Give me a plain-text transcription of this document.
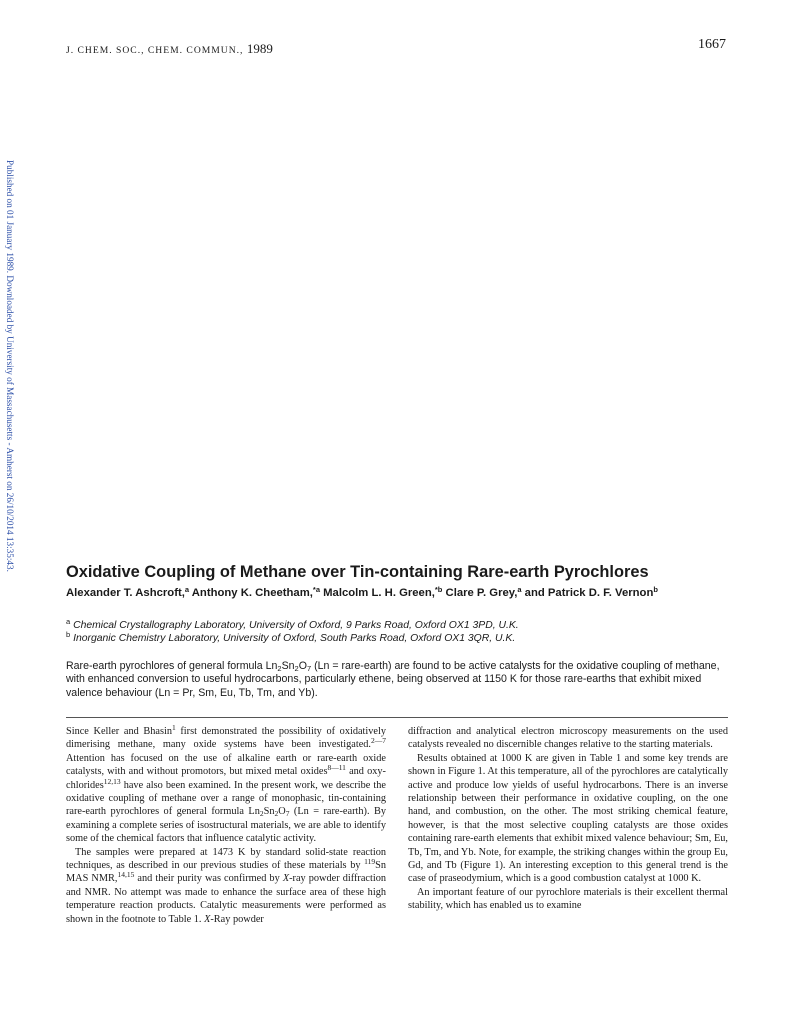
J. CHEM. SOC., CHEM. COMMUN., 1989	1667
Published on 01 January 1989. Downloaded by University of Massachusetts - Amherst on 26/10/2014 13:35:43.
Oxidative Coupling of Methane over Tin-containing Rare-earth Pyrochlores
Alexander T. Ashcroft,$^a$ Anthony K. Cheetham,$^{*a}$ Malcolm L. H. Green,$^{*b}$ Clare P. Grey,$^a$ and Patrick D. F. Vernon$^b$
$^a$ Chemical Crystallography Laboratory, University of Oxford, 9 Parks Road, Oxford OX1 3PD, U.K.
$^b$ Inorganic Chemistry Laboratory, University of Oxford, South Parks Road, Oxford OX1 3QR, U.K.
Rare-earth pyrochlores of general formula $Ln_2Sn_2O_7$ (Ln = rare-earth) are found to be active catalysts for the oxidative coupling of methane, with enhanced conversion to useful hydrocarbons, particularly ethene, being observed at 1150 K for those rare-earths that exhibit mixed valence behaviour (Ln = Pr, Sm, Eu, Tb, Tm, and Yb).

Since Keller and Bhasin$^1$ first demonstrated the possibility of oxidatively dimerising methane, many oxide systems have been investigated.$^{2—7}$ Attention has focused on the use of alkaline earth or rare-earth oxide catalysts, with and without promotors, but mixed metal oxides$^{8—11}$ and oxy-chlorides$^{12,13}$ have also been examined. In the present work, we describe the oxidative coupling of methane over a range of monophasic, tin-containing rare-earth pyrochlores of general formula $Ln_2Sn_2O_7$ (Ln = rare-earth). By examining a complete series of isostructural materials, we are able to identify some of the chemical factors that influence catalytic activity.

The samples were prepared at 1473 K by standard solid-state reaction techniques, as described in our previous studies of these materials by $^{119}$Sn MAS NMR,$^{14,15}$ and their purity was confirmed by X-ray powder diffraction and NMR. No attempt was made to enhance the surface area of these high temperature reaction products. Catalytic measurements were performed as shown in the footnote to Table 1. X-Ray powder

diffraction and analytical electron microscopy measurements on the used catalysts revealed no discernible changes relative to the starting materials.

Results obtained at 1000 K are given in Table 1 and some key trends are shown in Figure 1. At this temperature, all of the pyrochlores are catalytically active and produce low yields of useful hydrocarbons. There is an inverse relationship between their performance in oxidative coupling, on the one hand, and combustion, on the other. The most striking chemical feature, however, is that the most selective coupling catalysts are those oxides containing rare-earth elements that exhibit mixed valence behaviour; Sm, Eu, Tb, Tm, and Yb. Note, for example, the striking changes within the group Eu, Gd, and Tb (Figure 1). An interesting exception to this general trend is the case of praseodymium, which is a good combustion catalyst at 1000 K.

An important feature of our pyrochlore materials is their excellent thermal stability, which has enabled us to examine
